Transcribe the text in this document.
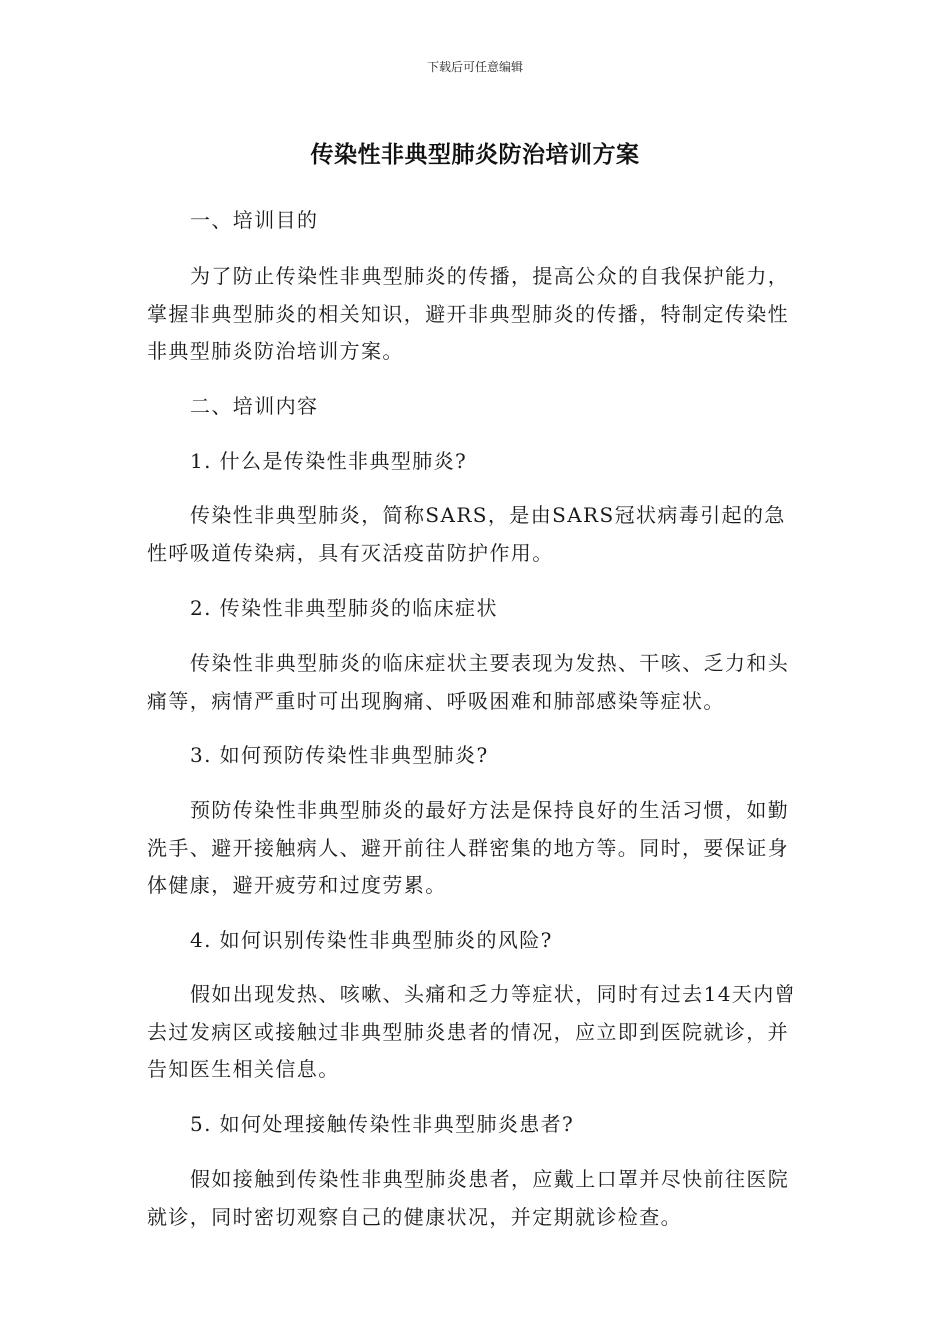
下载后可任意编辑
传染性非典型肺炎防治培训方案

一、培训目的

为了防止传染性非典型肺炎的传播，提高公众的自我保护能力，掌握非典型肺炎的相关知识，避开非典型肺炎的传播，特制定传染性非典型肺炎防治培训方案。

二、培训内容

1. 什么是传染性非典型肺炎?

传染性非典型肺炎，简称SARS，是由SARS冠状病毒引起的急性呼吸道传染病，具有灭活疫苗防护作用。

2. 传染性非典型肺炎的临床症状

传染性非典型肺炎的临床症状主要表现为发热、干咳、乏力和头痛等，病情严重时可出现胸痛、呼吸困难和肺部感染等症状。

3. 如何预防传染性非典型肺炎?

预防传染性非典型肺炎的最好方法是保持良好的生活习惯，如勤洗手、避开接触病人、避开前往人群密集的地方等。同时，要保证身体健康，避开疲劳和过度劳累。

4. 如何识别传染性非典型肺炎的风险?

假如出现发热、咳嗽、头痛和乏力等症状，同时有过去14天内曾去过发病区或接触过非典型肺炎患者的情况，应立即到医院就诊，并告知医生相关信息。

5. 如何处理接触传染性非典型肺炎患者?

假如接触到传染性非典型肺炎患者，应戴上口罩并尽快前往医院就诊，同时密切观察自己的健康状况，并定期就诊检查。
